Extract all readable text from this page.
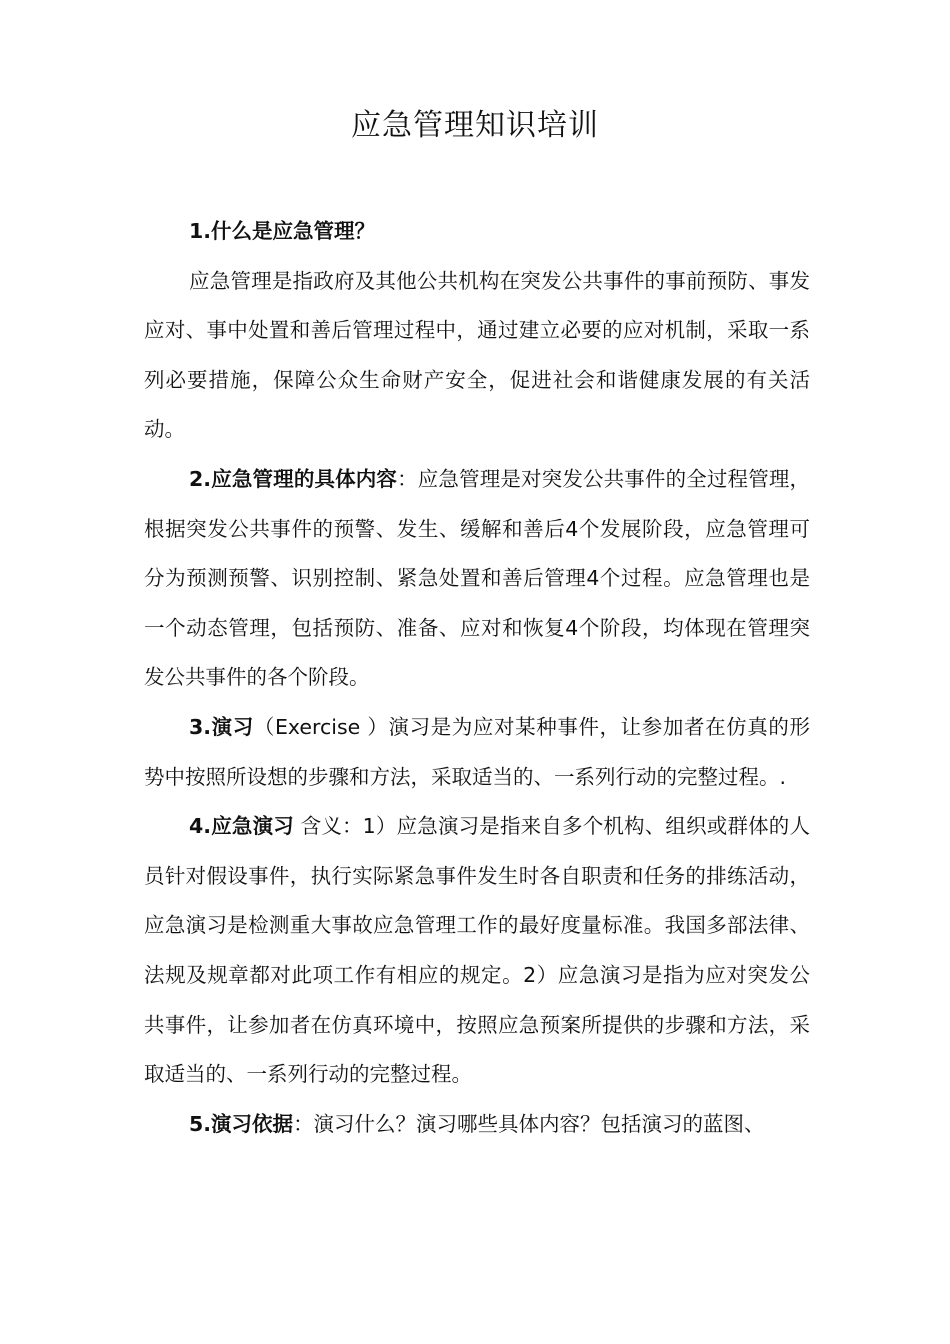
应急管理知识培训

1.什么是应急管理？

应急管理是指政府及其他公共机构在突发公共事件的事前预防、事发应对、事中处置和善后管理过程中，通过建立必要的应对机制，采取一系列必要措施，保障公众生命财产安全，促进社会和谐健康发展的有关活动。

2.应急管理的具体内容：应急管理是对突发公共事件的全过程管理，根据突发公共事件的预警、发生、缓解和善后4个发展阶段，应急管理可分为预测预警、识别控制、紧急处置和善后管理4个过程。应急管理也是一个动态管理，包括预防、准备、应对和恢复4个阶段，均体现在管理突发公共事件的各个阶段。

3.演习（Exercise ）演习是为应对某种事件，让参加者在仿真的形势中按照所设想的步骤和方法，采取适当的、一系列行动的完整过程。.

4.应急演习 含义：1）应急演习是指来自多个机构、组织或群体的人员针对假设事件，执行实际紧急事件发生时各自职责和任务的排练活动，应急演习是检测重大事故应急管理工作的最好度量标准。我国多部法律、法规及规章都对此项工作有相应的规定。2）应急演习是指为应对突发公共事件，让参加者在仿真环境中，按照应急预案所提供的步骤和方法，采取适当的、一系列行动的完整过程。

5.演习依据：演习什么？演习哪些具体内容？包括演习的蓝图、
